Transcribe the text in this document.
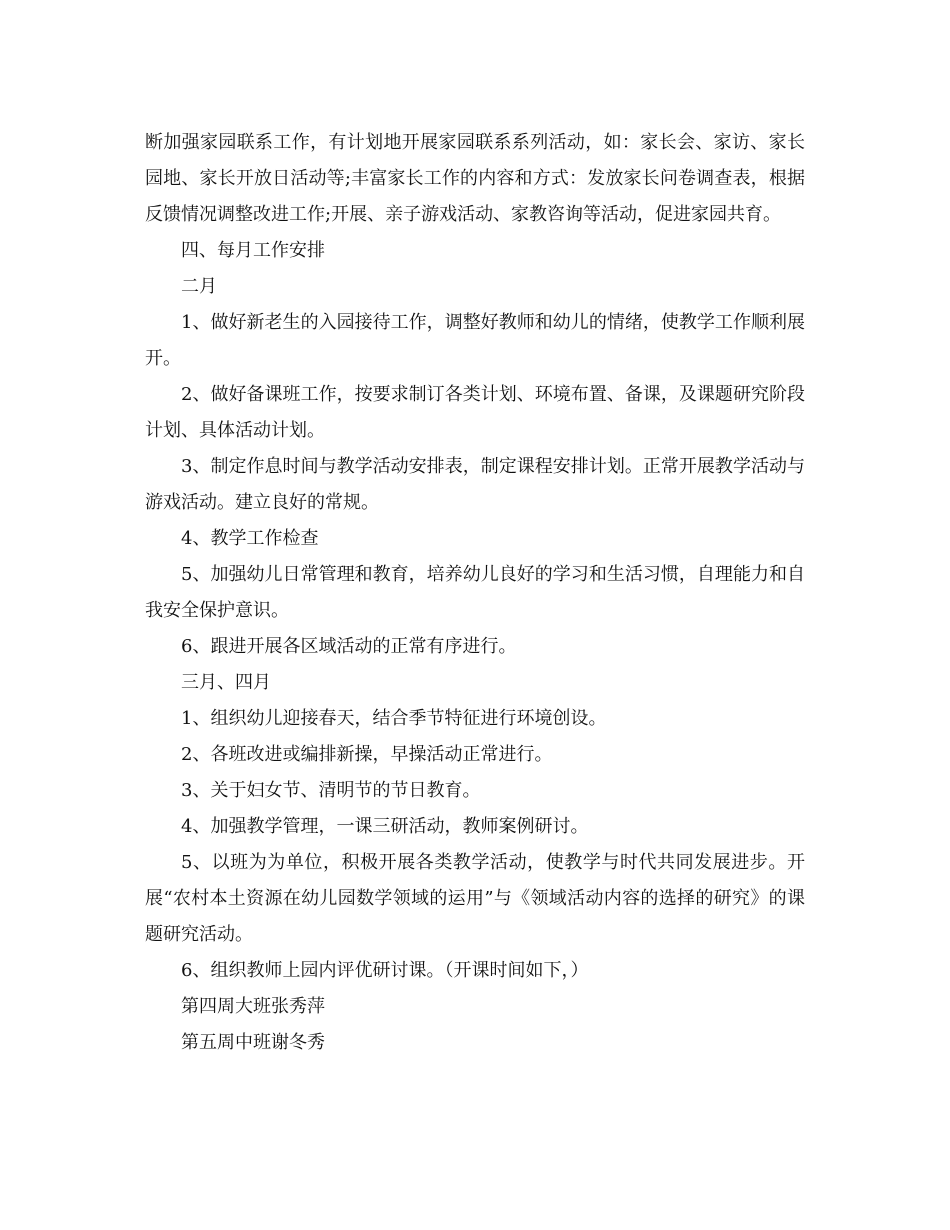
断加强家园联系工作，有计划地开展家园联系系列活动，如：家长会、家访、家长园地、家长开放日活动等;丰富家长工作的内容和方式：发放家长问卷调查表，根据反馈情况调整改进工作;开展、亲子游戏活动、家教咨询等活动，促进家园共育。

四、每月工作安排

二月

1、做好新老生的入园接待工作，调整好教师和幼儿的情绪，使教学工作顺利展开。

2、做好备课班工作，按要求制订各类计划、环境布置、备课，及课题研究阶段计划、具体活动计划。

3、制定作息时间与教学活动安排表，制定课程安排计划。正常开展教学活动与游戏活动。建立良好的常规。

4、教学工作检查

5、加强幼儿日常管理和教育，培养幼儿良好的学习和生活习惯，自理能力和自我安全保护意识。

6、跟进开展各区域活动的正常有序进行。

三月、四月

1、组织幼儿迎接春天，结合季节特征进行环境创设。

2、各班改进或编排新操，早操活动正常进行。

3、关于妇女节、清明节的节日教育。

4、加强教学管理，一课三研活动，教师案例研讨。

5、以班为为单位，积极开展各类教学活动，使教学与时代共同发展进步。开展“农村本土资源在幼儿园数学领域的运用”与《领域活动内容的选择的研究》的课题研究活动。

6、组织教师上园内评优研讨课。（开课时间如下，）

第四周大班张秀萍

第五周中班谢冬秀
